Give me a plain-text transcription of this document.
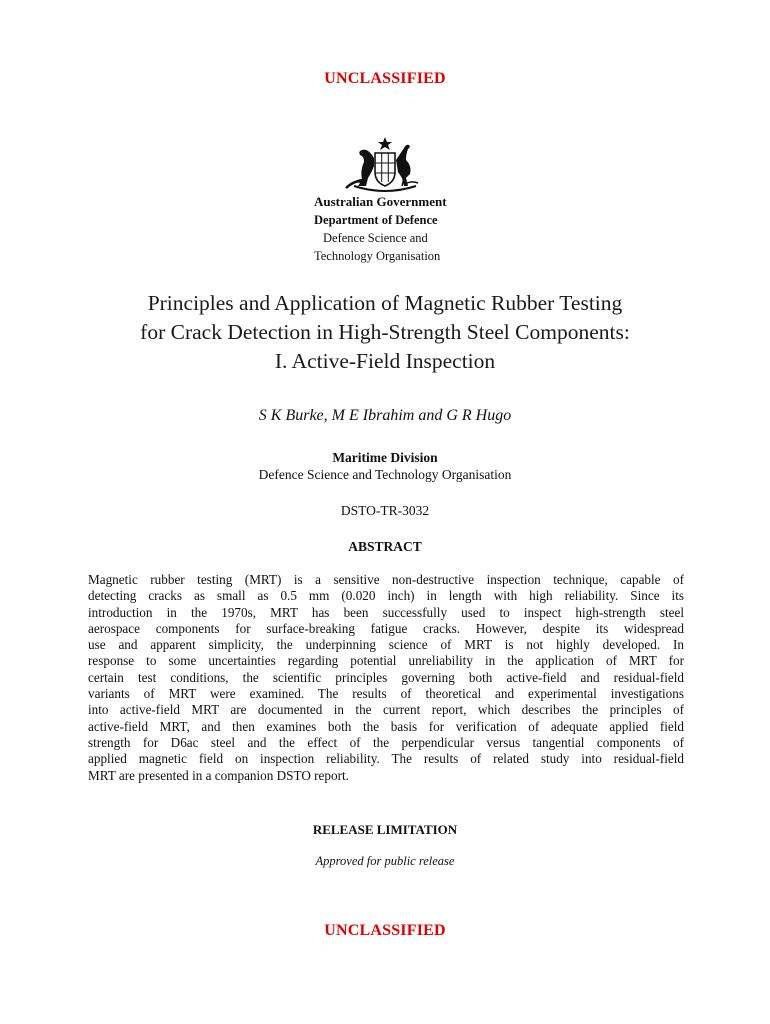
UNCLASSIFIED
Australian Government
Department of Defence
Defence Science and
Technology Organisation
Principles and Application of Magnetic Rubber Testing
for Crack Detection in High-Strength Steel Components:
I. Active-Field Inspection
S K Burke, M E Ibrahim and G R Hugo
Maritime Division
Defence Science and Technology Organisation
DSTO-TR-3032
ABSTRACT
Magnetic rubber testing (MRT) is a sensitive non-destructive inspection technique, capable of
detecting cracks as small as 0.5 mm (0.020 inch) in length with high reliability. Since its
introduction in the 1970s, MRT has been successfully used to inspect high-strength steel
aerospace components for surface-breaking fatigue cracks. However, despite its widespread
use and apparent simplicity, the underpinning science of MRT is not highly developed. In
response to some uncertainties regarding potential unreliability in the application of MRT for
certain test conditions, the scientific principles governing both active-field and residual-field
variants of MRT were examined. The results of theoretical and experimental investigations
into active-field MRT are documented in the current report, which describes the principles of
active-field MRT, and then examines both the basis for verification of adequate applied field
strength for D6ac steel and the effect of the perpendicular versus tangential components of
applied magnetic field on inspection reliability. The results of related study into residual-field
MRT are presented in a companion DSTO report.
RELEASE LIMITATION
Approved for public release
UNCLASSIFIED
